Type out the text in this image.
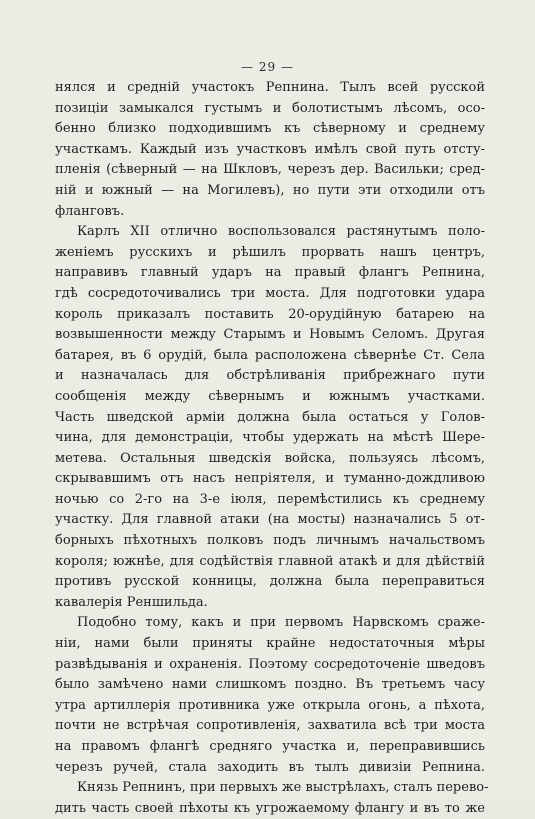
— 29 —
нялся и средній участокъ Репнина. Тылъ всей русской
позиціи замыкался густымъ и болотистымъ лѣсомъ, осо-
бенно близко подходившимъ къ сѣверному и среднему
участкамъ. Каждый изъ участковъ имѣлъ свой путь отсту-
пленія (сѣверный — на Шкловъ, черезъ дер. Васильки; сред-
ній и южный — на Могилевъ), но пути эти отходили отъ
фланговъ.
Карлъ XII отлично воспользовался растянутымъ поло-
женіемъ русскихъ и рѣшилъ прорвать нашъ центръ,
направивъ главный ударъ на правый флангъ Репнина,
гдѣ сосредоточивались три моста. Для подготовки удара
король приказалъ поставить 20-орудійную батарею на
возвышенности между Старымъ и Новымъ Селомъ. Другая
батарея, въ 6 орудій, была расположена сѣвернѣе Ст. Села
и назначалась для обстрѣливанія прибрежнаго пути
сообщенія между сѣвернымъ и южнымъ участками.
Часть шведской арміи должна была остаться у Голов-
чина, для демонстраціи, чтобы удержать на мѣстѣ Шере-
метева. Остальныя шведскія войска, пользуясь лѣсомъ,
скрывавшимъ отъ насъ непріятеля, и туманно-дождливою
ночью со 2-го на 3-е іюля, перемѣстились къ среднему
участку. Для главной атаки (на мосты) назначались 5 от-
борныхъ пѣхотныхъ полковъ подъ личнымъ начальствомъ
короля; южнѣе, для содѣйствія главной атакѣ и для дѣйствій
противъ русской конницы, должна была переправиться
кавалерія Реншильда.
Подобно тому, какъ и при первомъ Нарвскомъ сраже-
ніи, нами были приняты крайне недостаточныя мѣры
развѣдыванія и охраненія. Поэтому сосредоточеніе шведовъ
было замѣчено нами слишкомъ поздно. Въ третьемъ часу
утра артиллерія противника уже открыла огонь, а пѣхота,
почти не встрѣчая сопротивленія, захватила всѣ три моста
на правомъ флангѣ средняго участка и, переправившись
черезъ ручей, стала заходить въ тылъ дивизіи Репнина.
Князь Репнинъ, при первыхъ же выстрѣлахъ, сталъ перево-
дить часть своей пѣхоты къ угрожаемому флангу и въ то же
